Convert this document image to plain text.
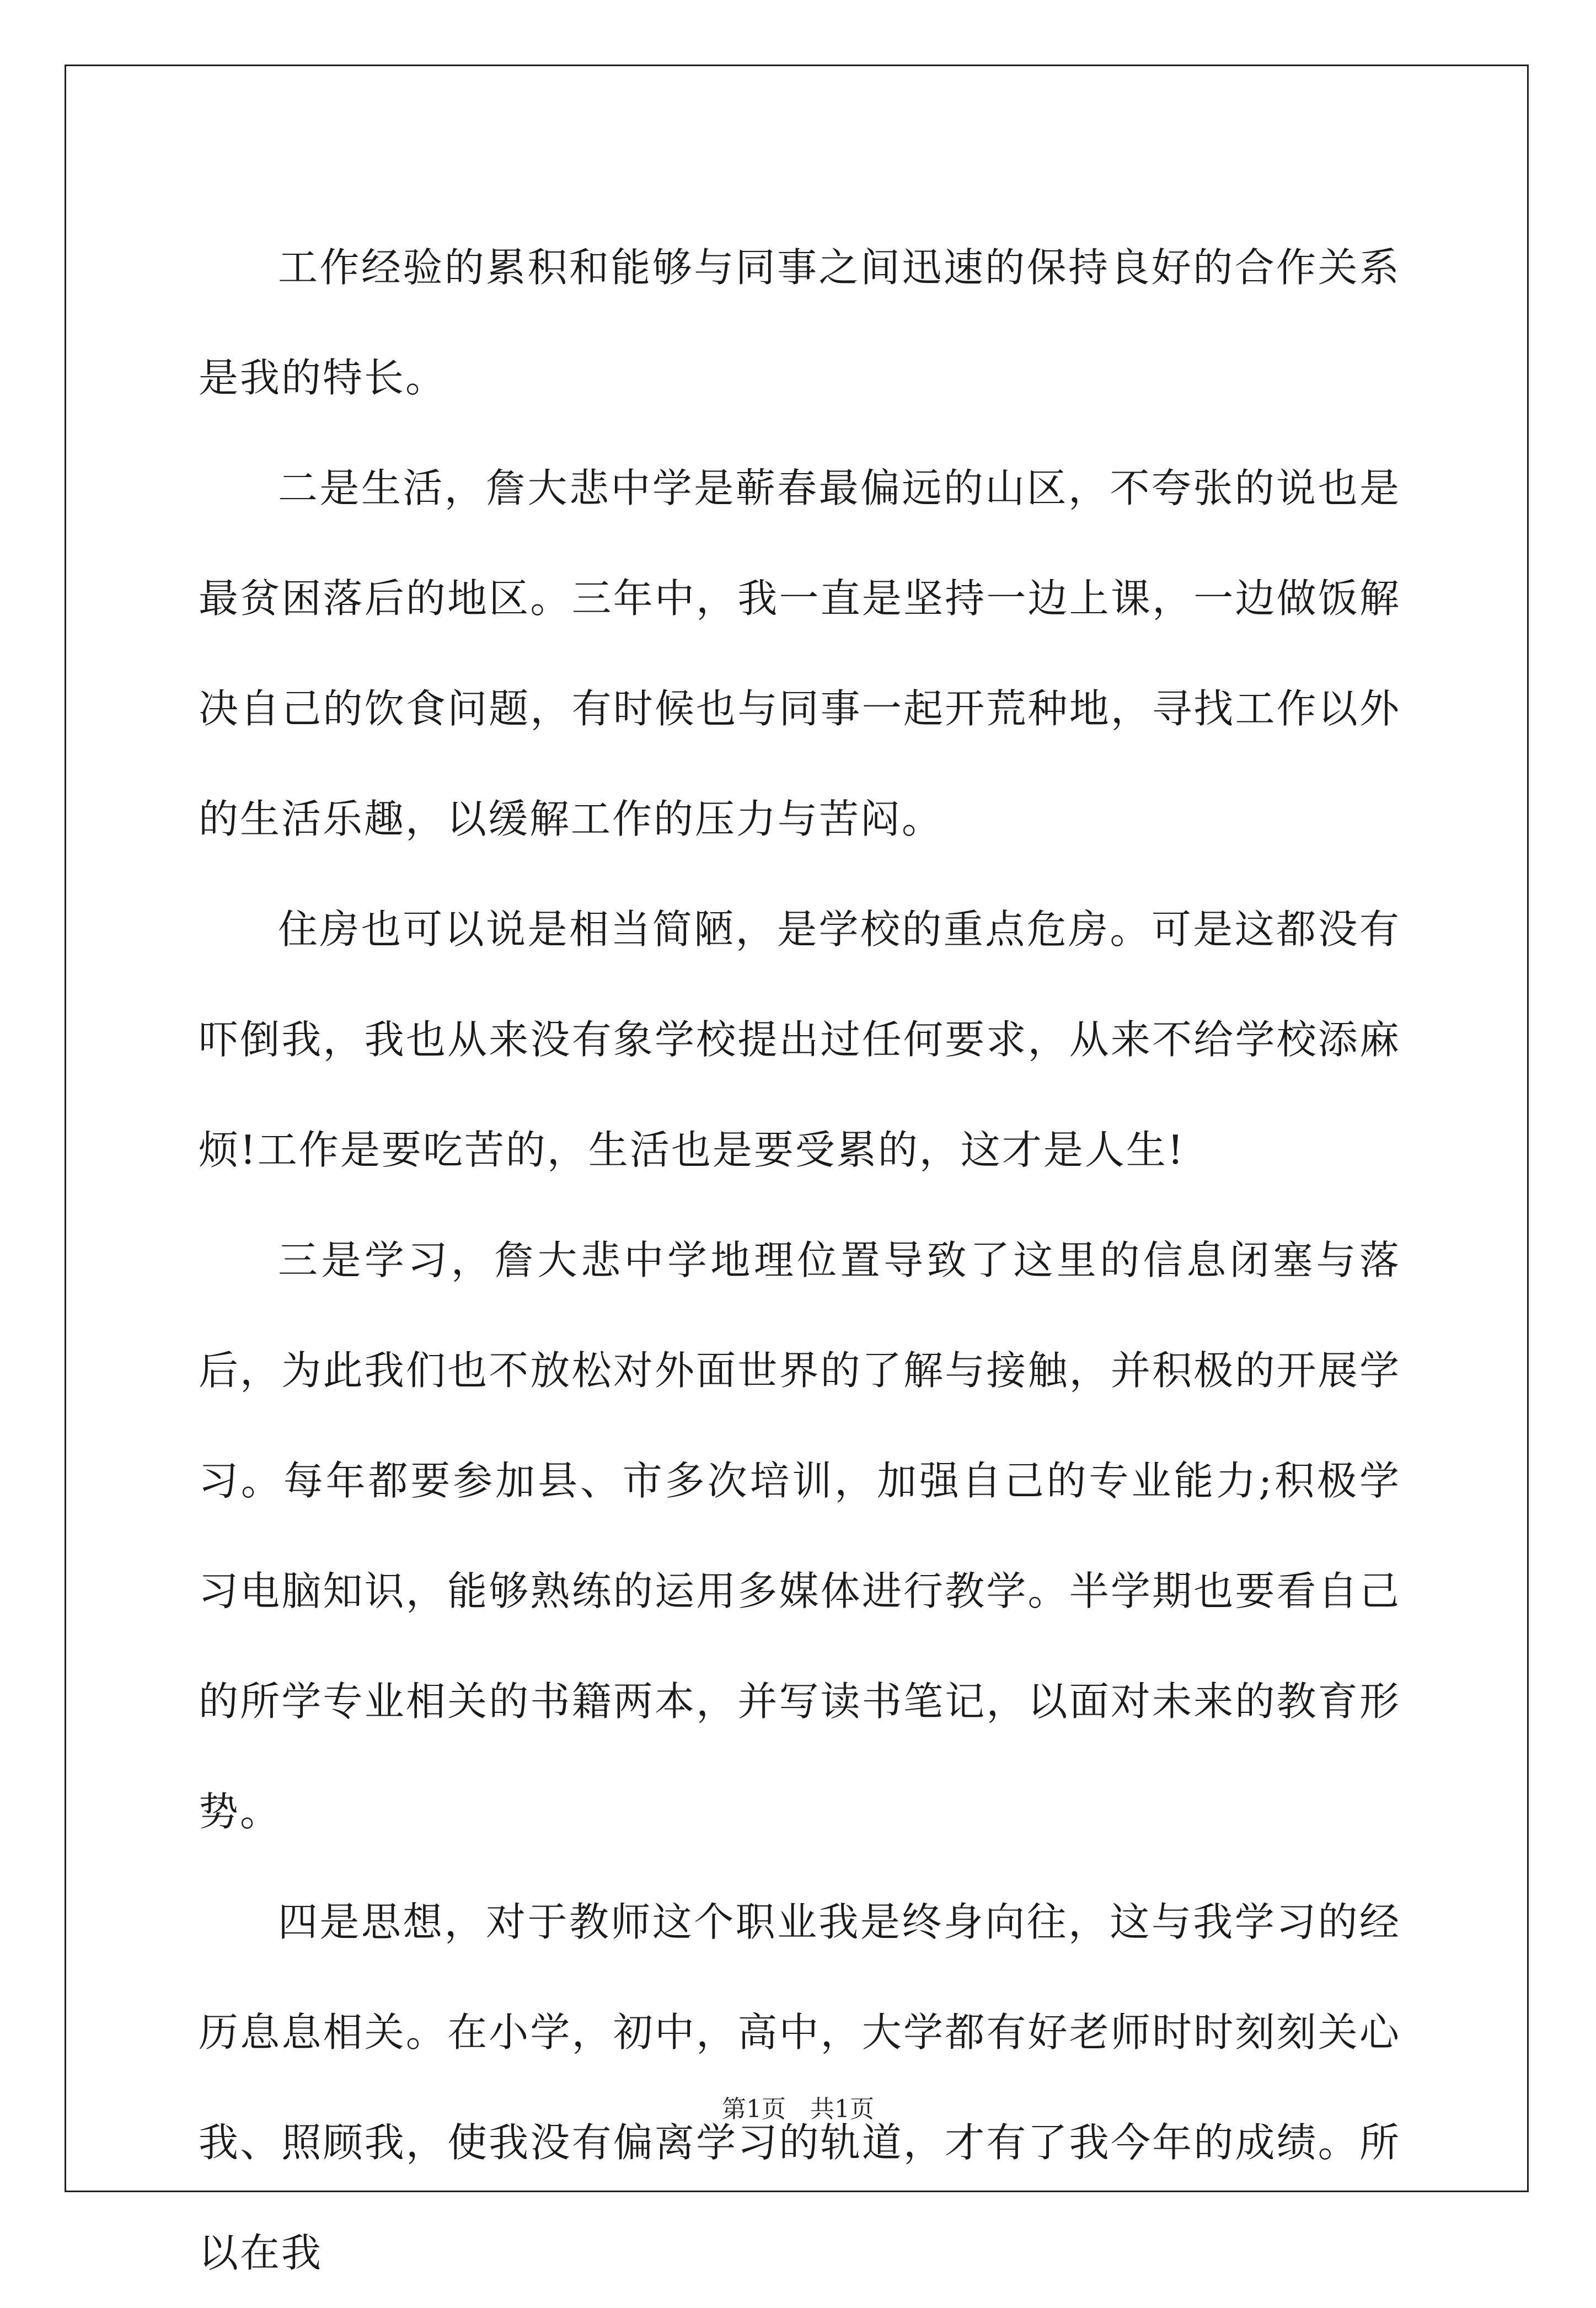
工作经验的累积和能够与同事之间迅速的保持良好的合作关系是我的特长。

二是生活，詹大悲中学是蕲春最偏远的山区，不夸张的说也是最贫困落后的地区。三年中，我一直是坚持一边上课，一边做饭解决自己的饮食问题，有时候也与同事一起开荒种地，寻找工作以外的生活乐趣，以缓解工作的压力与苦闷。

住房也可以说是相当简陋，是学校的重点危房。可是这都没有吓倒我，我也从来没有象学校提出过任何要求，从来不给学校添麻烦!工作是要吃苦的，生活也是要受累的，这才是人生!

三是学习，詹大悲中学地理位置导致了这里的信息闭塞与落后，为此我们也不放松对外面世界的了解与接触，并积极的开展学习。每年都要参加县、市多次培训，加强自己的专业能力;积极学习电脑知识，能够熟练的运用多媒体进行教学。半学期也要看自己的所学专业相关的书籍两本，并写读书笔记，以面对未来的教育形势。

四是思想，对于教师这个职业我是终身向往，这与我学习的经历息息相关。在小学，初中，高中，大学都有好老师时时刻刻关心我、照顾我，使我没有偏离学习的轨道，才有了我今年的成绩。所以在我

第1页　共1页
